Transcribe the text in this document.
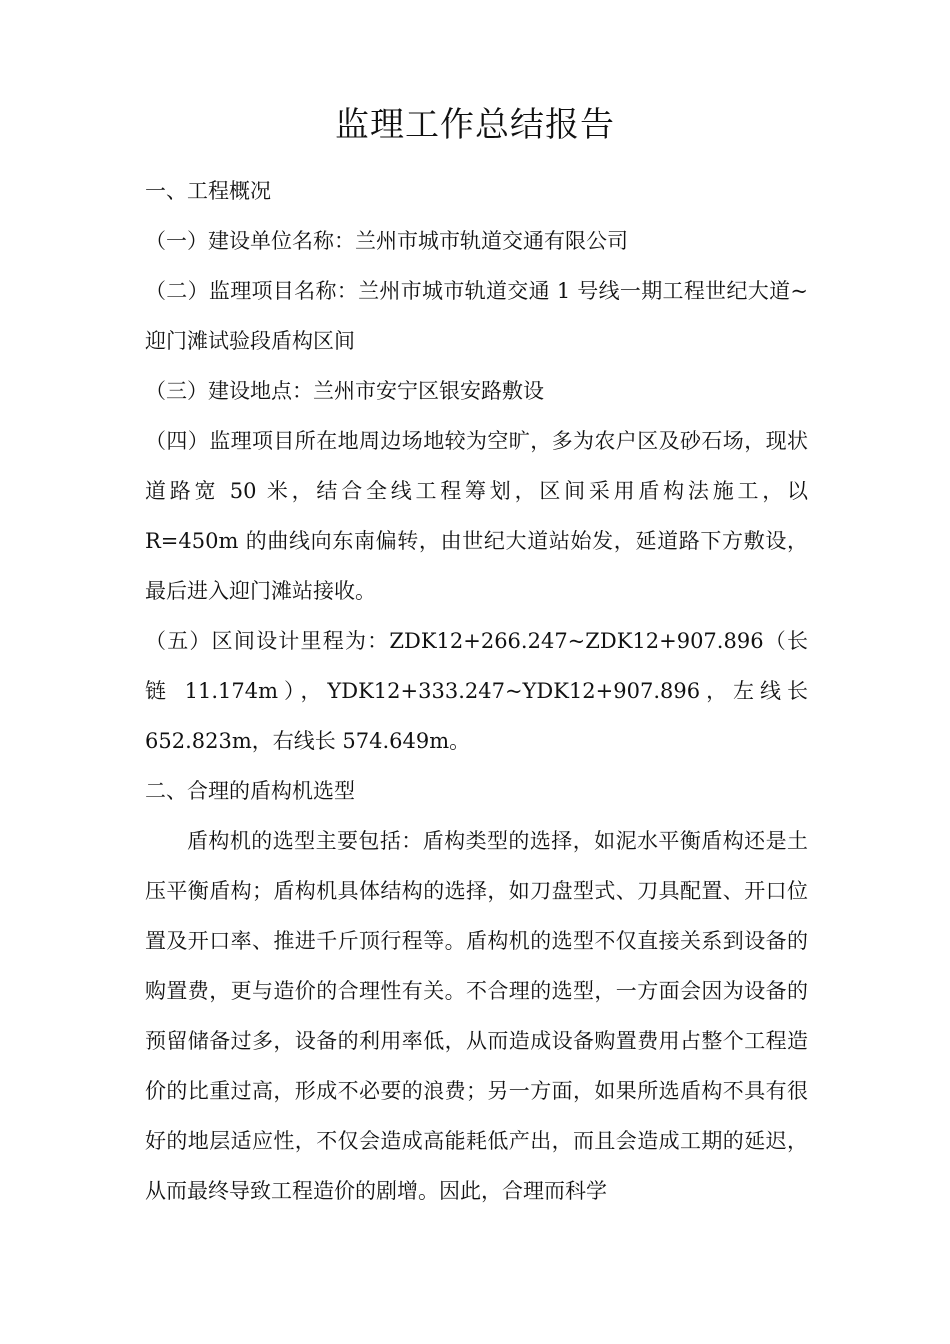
监理工作总结报告

一、工程概况

（一）建设单位名称：兰州市城市轨道交通有限公司

（二）监理项目名称：兰州市城市轨道交通 1 号线一期工程世纪大道~迎门滩试验段盾构区间

（三）建设地点：兰州市安宁区银安路敷设

（四）监理项目所在地周边场地较为空旷，多为农户区及砂石场，现状道路宽 50 米，结合全线工程筹划，区间采用盾构法施工，以 R=450m 的曲线向东南偏转，由世纪大道站始发，延道路下方敷设，最后进入迎门滩站接收。

（五）区间设计里程为：ZDK12+266.247~ZDK12+907.896（长链 11.174m），YDK12+333.247~YDK12+907.896，左线长 652.823m，右线长 574.649m。

二、合理的盾构机选型

盾构机的选型主要包括：盾构类型的选择，如泥水平衡盾构还是土压平衡盾构；盾构机具体结构的选择，如刀盘型式、刀具配置、开口位置及开口率、推进千斤顶行程等。盾构机的选型不仅直接关系到设备的购置费，更与造价的合理性有关。不合理的选型，一方面会因为设备的预留储备过多，设备的利用率低，从而造成设备购置费用占整个工程造价的比重过高，形成不必要的浪费；另一方面，如果所选盾构不具有很好的地层适应性，不仅会造成高能耗低产出，而且会造成工期的延迟，从而最终导致工程造价的剧增。因此，合理而科学
